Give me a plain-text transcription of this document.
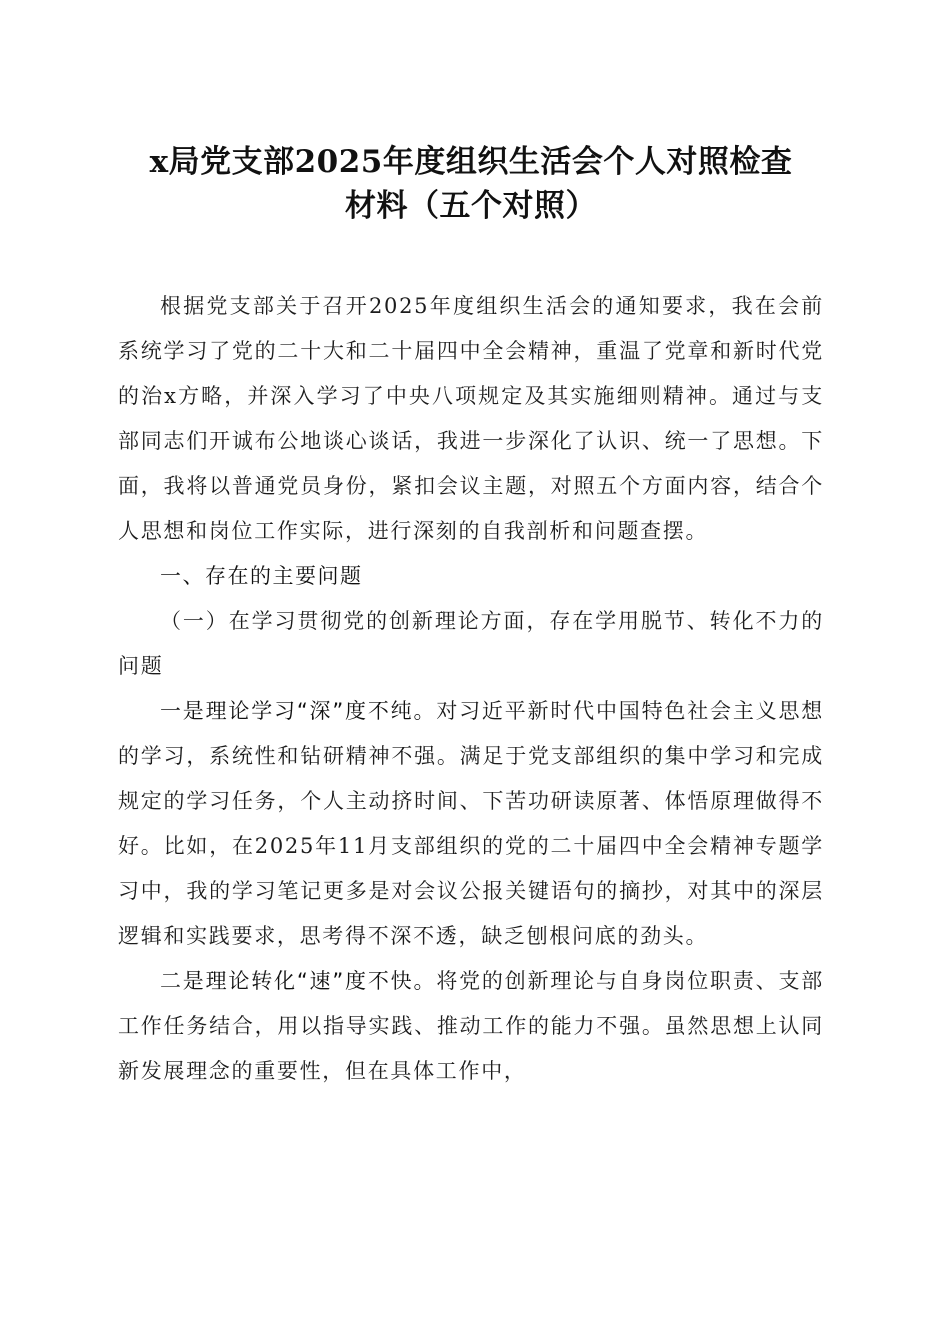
x局党支部2025年度组织生活会个人对照检查
材料（五个对照）

根据党支部关于召开2025年度组织生活会的通知要求，我在会前系统学习了党的二十大和二十届四中全会精神，重温了党章和新时代党的治x方略，并深入学习了中央八项规定及其实施细则精神。通过与支部同志们开诚布公地谈心谈话，我进一步深化了认识、统一了思想。下面，我将以普通党员身份，紧扣会议主题，对照五个方面内容，结合个人思想和岗位工作实际，进行深刻的自我剖析和问题查摆。

一、存在的主要问题

（一）在学习贯彻党的创新理论方面，存在学用脱节、转化不力的问题

一是理论学习“深”度不纯。对习近平新时代中国特色社会主义思想的学习，系统性和钻研精神不强。满足于党支部组织的集中学习和完成规定的学习任务，个人主动挤时间、下苦功研读原著、体悟原理做得不好。比如，在2025年11月支部组织的党的二十届四中全会精神专题学习中，我的学习笔记更多是对会议公报关键语句的摘抄，对其中的深层逻辑和实践要求，思考得不深不透，缺乏刨根问底的劲头。

二是理论转化“速”度不快。将党的创新理论与自身岗位职责、支部工作任务结合，用以指导实践、推动工作的能力不强。虽然思想上认同新发展理念的重要性，但在具体工作中，
